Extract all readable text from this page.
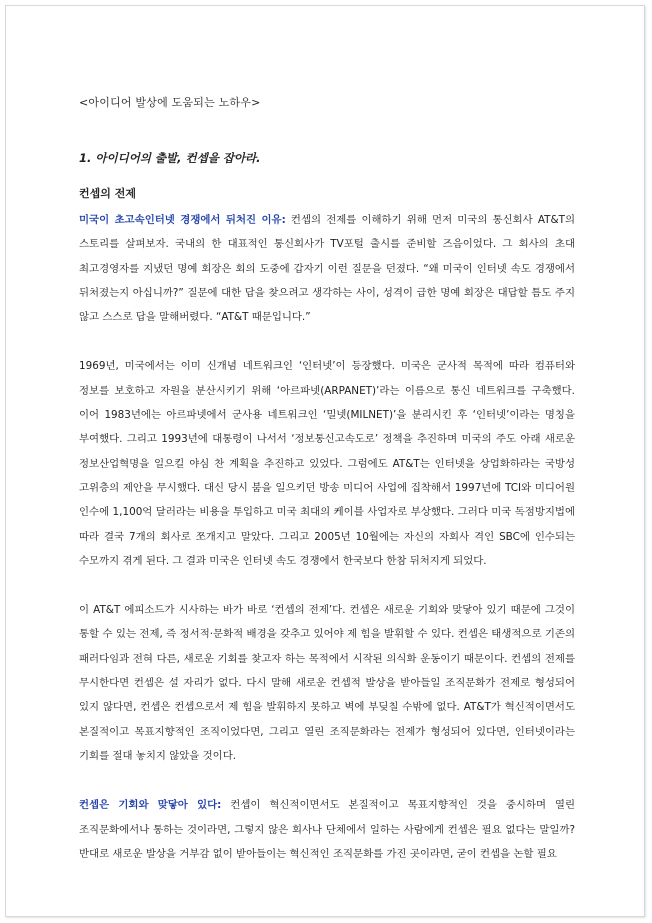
<아이디어 발상에 도움되는 노하우>
1. 아이디어의 출발, 컨셉을 잡아라.
컨셉의 전제

미국이 초고속인터넷 경쟁에서 뒤처진 이유: 컨셉의 전제를 이해하기 위해 먼저 미국의 통신회사 AT&T의 스토리를 살펴보자. 국내의 한 대표적인 통신회사가 TV포털 출시를 준비할 즈음이었다. 그 회사의 초대 최고경영자를 지냈던 명예 회장은 회의 도중에 갑자기 이런 질문을 던졌다. “왜 미국이 인터넷 속도 경쟁에서 뒤처졌는지 아십니까?” 질문에 대한 답을 찾으려고 생각하는 사이, 성격이 급한 명예 회장은 대답할 틈도 주지 않고 스스로 답을 말해버렸다. “AT&T 때문입니다.”

1969년, 미국에서는 이미 신개념 네트워크인 ‘인터넷’이 등장했다. 미국은 군사적 목적에 따라 컴퓨터와 정보를 보호하고 자원을 분산시키기 위해 ‘아르파넷(ARPANET)’라는 이름으로 통신 네트워크를 구축했다. 이어 1983년에는 아르파넷에서 군사용 네트워크인 ‘밀넷(MILNET)’을 분리시킨 후 ‘인터넷’이라는 명칭을 부여했다. 그리고 1993년에 대통령이 나서서 ‘정보통신고속도로’ 정책을 추진하며 미국의 주도 아래 새로운 정보산업혁명을 일으킬 야심 찬 계획을 추진하고 있었다. 그럼에도 AT&T는 인터넷을 상업화하라는 국방성 고위층의 제안을 무시했다. 대신 당시 붐을 일으키던 방송 미디어 사업에 집착해서 1997년에 TCI와 미디어원 인수에 1,100억 달러라는 비용을 투입하고 미국 최대의 케이블 사업자로 부상했다. 그러다 미국 독점방지법에 따라 결국 7개의 회사로 쪼개지고 말았다. 그리고 2005년 10월에는 자신의 자회사 격인 SBC에 인수되는 수모까지 겪게 된다. 그 결과 미국은 인터넷 속도 경쟁에서 한국보다 한참 뒤처지게 되었다.

이 AT&T 에피소드가 시사하는 바가 바로 ‘컨셉의 전제’다. 컨셉은 새로운 기회와 맞닿아 있기 때문에 그것이 통할 수 있는 전제, 즉 정서적·문화적 배경을 갖추고 있어야 제 힘을 발휘할 수 있다. 컨셉은 태생적으로 기존의 패러다임과 전혀 다른, 새로운 기회를 찾고자 하는 목적에서 시작된 의식화 운동이기 때문이다. 컨셉의 전제를 무시한다면 컨셉은 설 자리가 없다. 다시 말해 새로운 컨셉적 발상을 받아들일 조직문화가 전제로 형성되어 있지 않다면, 컨셉은 컨셉으로서 제 힘을 발휘하지 못하고 벽에 부딪칠 수밖에 없다. AT&T가 혁신적이면서도 본질적이고 목표지향적인 조직이었다면, 그리고 열린 조직문화라는 전제가 형성되어 있다면, 인터넷이라는 기회를 절대 놓치지 않았을 것이다.

컨셉은 기회와 맞닿아 있다: 컨셉이 혁신적이면서도 본질적이고 목표지향적인 것을 중시하며 열린 조직문화에서나 통하는 것이라면, 그렇지 않은 회사나 단체에서 일하는 사람에게 컨셉은 필요 없다는 말일까? 반대로 새로운 발상을 거부감 없이 받아들이는 혁신적인 조직문화를 가진 곳이라면, 굳이 컨셉을 논할 필요
